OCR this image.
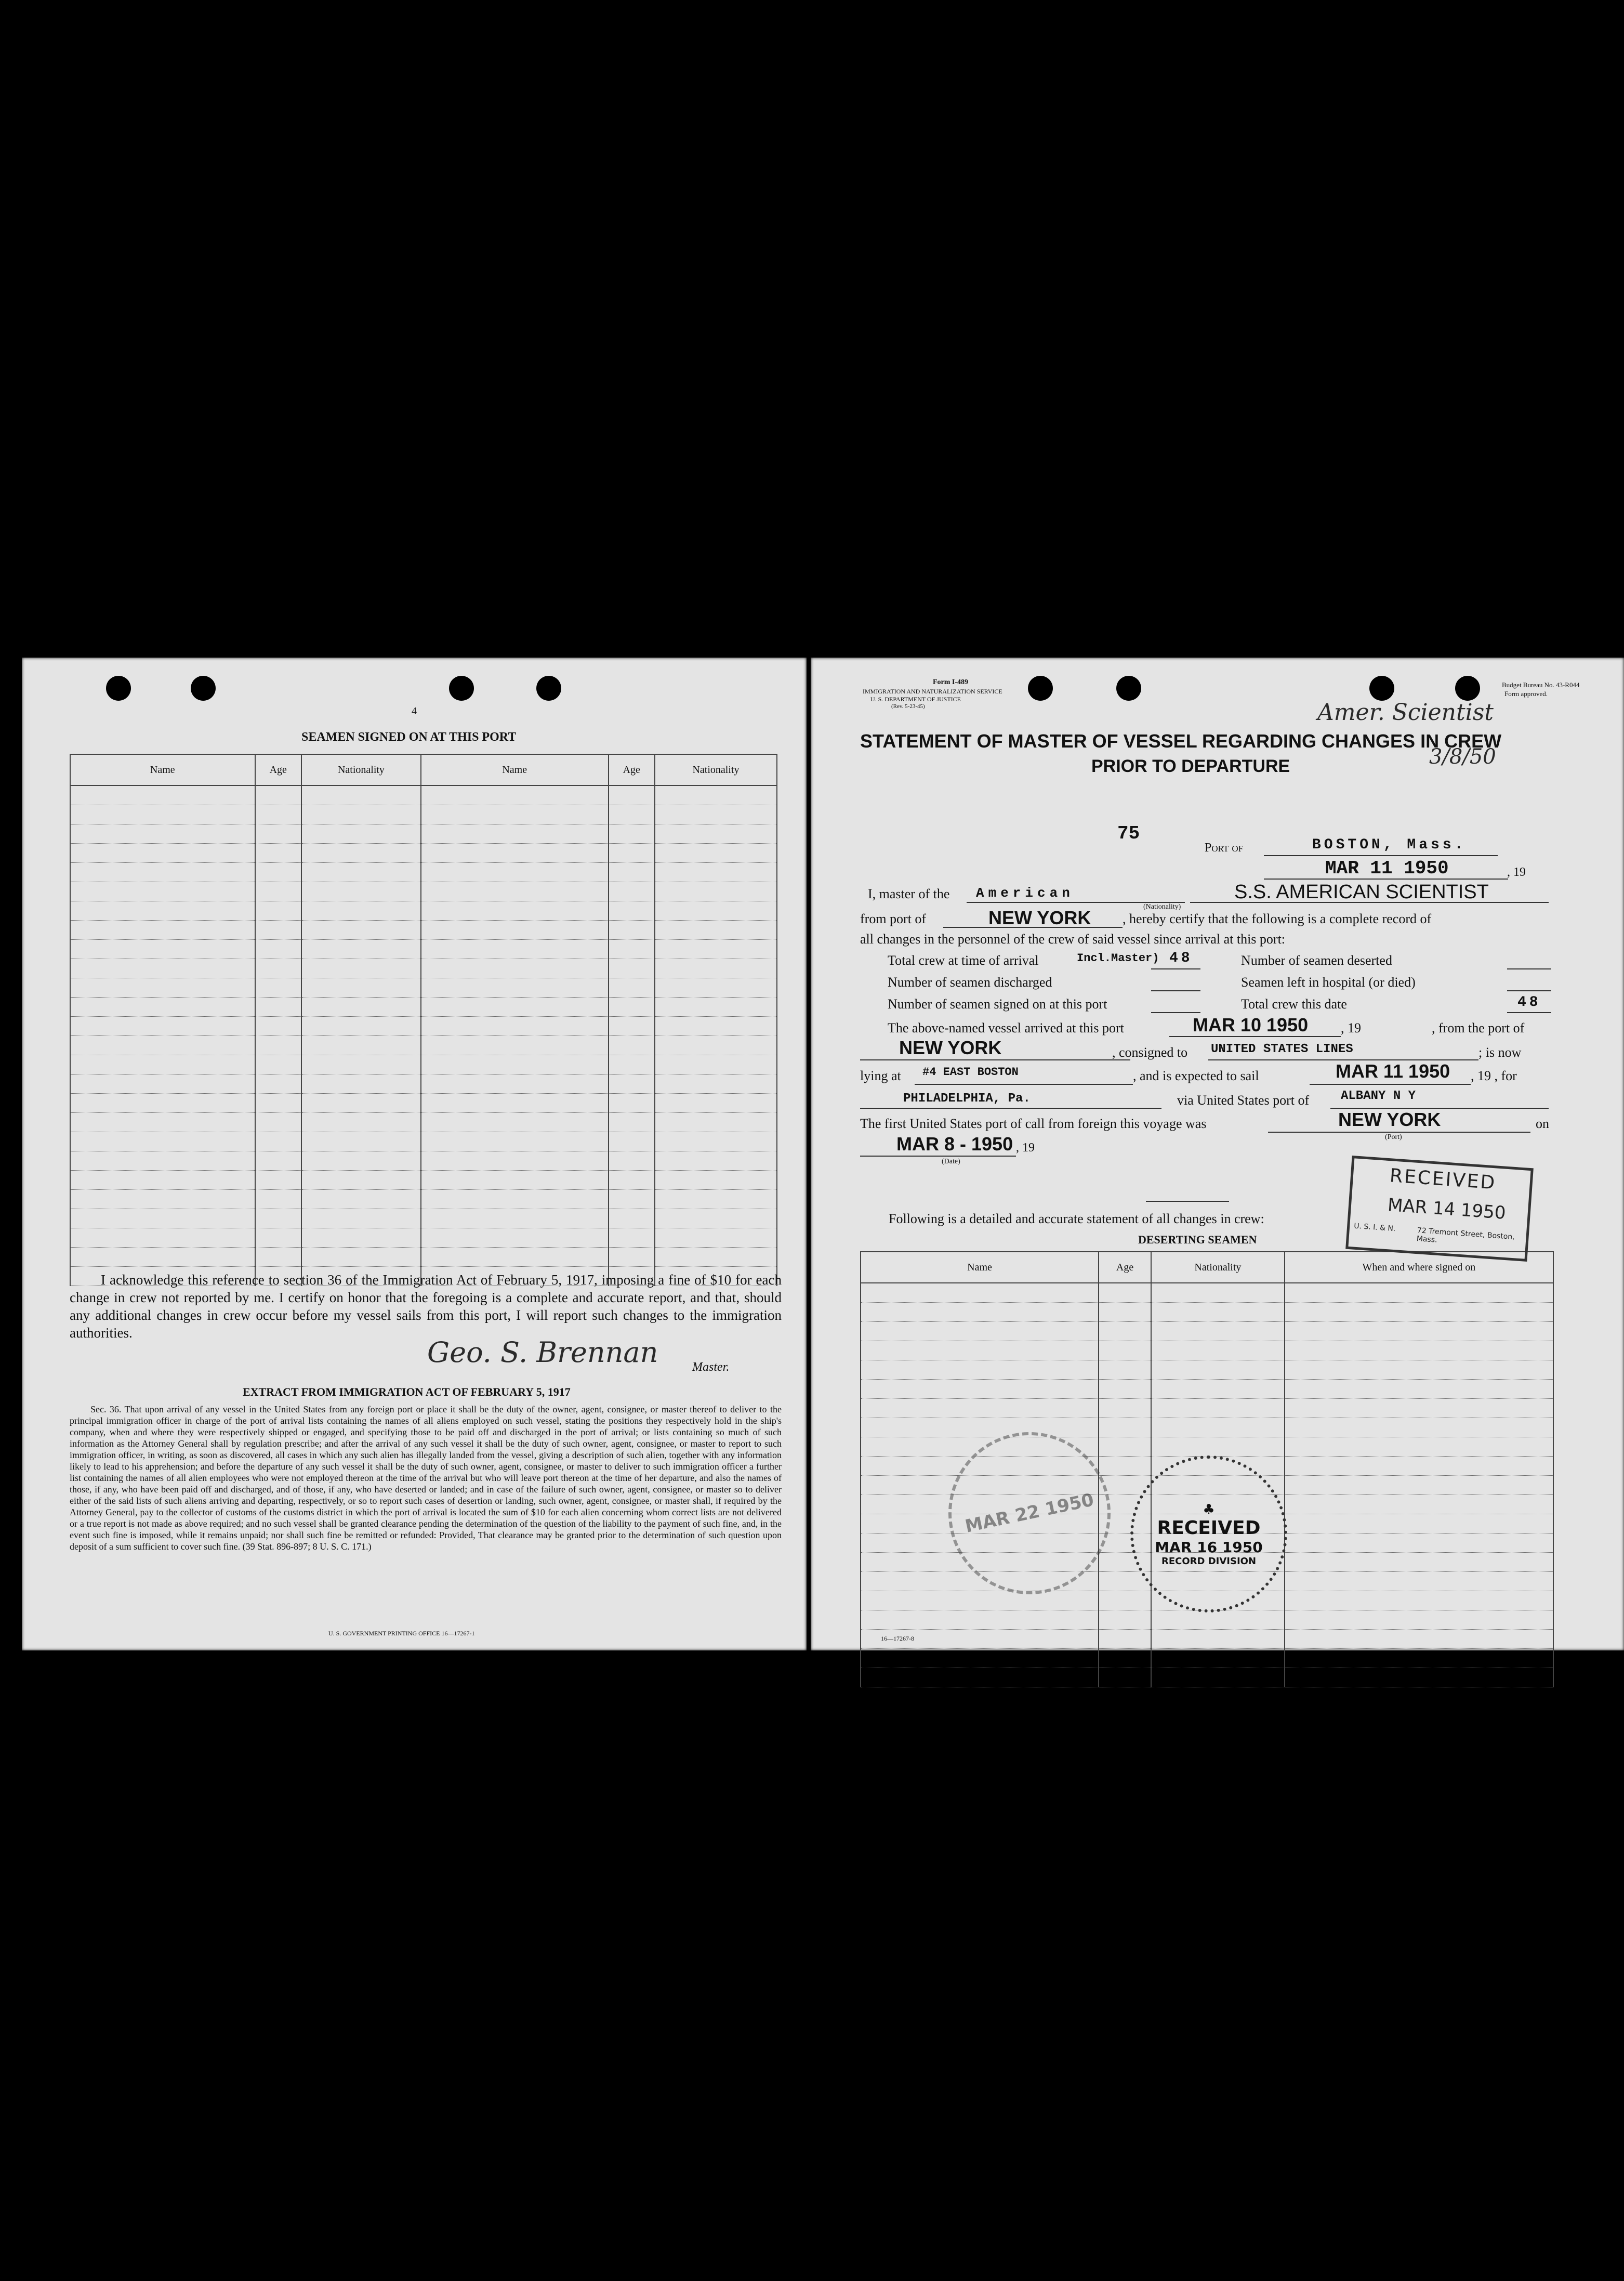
4
SEAMEN SIGNED ON AT THIS PORT
Name	Age	Nationality	Name	Age	Nationality

I acknowledge this reference to section 36 of the Immigration Act of February 5, 1917, imposing a fine of $10 for each change in crew not reported by me. I certify on honor that the foregoing is a complete and accurate report, and that, should any additional changes in crew occur before my vessel sails from this port, I will report such changes to the immigration authorities.
Geo. S. Brennan	Master.
EXTRACT FROM IMMIGRATION ACT OF FEBRUARY 5, 1917
Sec. 36. That upon arrival of any vessel in the United States from any foreign port or place it shall be the duty of the owner, agent, consignee, or master thereof to deliver to the principal immigration officer in charge of the port of arrival lists containing the names of all aliens employed on such vessel, stating the positions they respectively hold in the ship's company, when and where they were respectively shipped or engaged, and specifying those to be paid off and discharged in the port of arrival; or lists containing so much of such information as the Attorney General shall by regulation prescribe; and after the arrival of any such vessel it shall be the duty of such owner, agent, consignee, or master to report to such immigration officer, in writing, as soon as discovered, all cases in which any such alien has illegally landed from the vessel, giving a description of such alien, together with any information likely to lead to his apprehension; and before the departure of any such vessel it shall be the duty of such owner, agent, consignee, or master to deliver to such immigration officer a further list containing the names of all alien employees who were not employed thereon at the time of the arrival but who will leave port thereon at the time of her departure, and also the names of those, if any, who have been paid off and discharged, and of those, if any, who have deserted or landed; and in case of the failure of such owner, agent, consignee, or master so to deliver either of the said lists of such aliens arriving and departing, respectively, or so to report such cases of desertion or landing, such owner, agent, consignee, or master shall, if required by the Attorney General, pay to the collector of customs of the customs district in which the port of arrival is located the sum of $10 for each alien concerning whom correct lists are not delivered or a true report is not made as above required; and no such vessel shall be granted clearance pending the determination of the question of the liability to the payment of such fine, and, in the event such fine is imposed, while it remains unpaid; nor shall such fine be remitted or refunded: Provided, That clearance may be granted prior to the determination of such question upon deposit of a sum sufficient to cover such fine. (39 Stat. 896-897; 8 U. S. C. 171.)
U. S. GOVERNMENT PRINTING OFFICE 16—17267-1
Form I-489
IMMIGRATION AND NATURALIZATION SERVICE
U. S. DEPARTMENT OF JUSTICE
(Rev. 5-23-45)
Budget Bureau No. 43-R044
Form approved.
Amer. Scientist
3/8/50
STATEMENT OF MASTER OF VESSEL REGARDING CHANGES IN CREW
PRIOR TO DEPARTURE
75
Port of	BOSTON, Mass.
MAR 11 1950	, 19
I, master of the American
(Nationality)
S.S. AMERICAN SCIENTIST
from port of	NEW YORK , hereby certify that the following is a complete record of
all changes in the personnel of the crew of said vessel since arrival at this port:
Total crew at time of arrival	Incl.Master) 48	Number of seamen deserted
Number of seamen discharged	Seamen left in hospital (or died)
Number of seamen signed on at this port	Total crew this date	48
The above-named vessel arrived at this port	MAR 10 1950 , 19	, from the port of
NEW YORK	, consigned to UNITED STATES LINES	; is now
lying at #4 EAST BOSTON	, and is expected to sail	MAR 11 1950 , 19 , for
PHILADELPHIA, Pa.	via United States port of	ALBANY N Y
The first United States port of call from foreign this voyage was	NEW YORK
(Port)
on
MAR 8 - 1950 , 19
(Date)
Following is a detailed and accurate statement of all changes in crew:
DESERTING SEAMEN
Name	Age	Nationality	When and where signed on

16—17267-8
RECEIVED
MAR 14 1950
U. S. I. & N.	72 Tremont Street, Boston, Mass.
MAR 22 1950	♣
RECEIVED
MAR 16 1950
RECORD DIVISION
